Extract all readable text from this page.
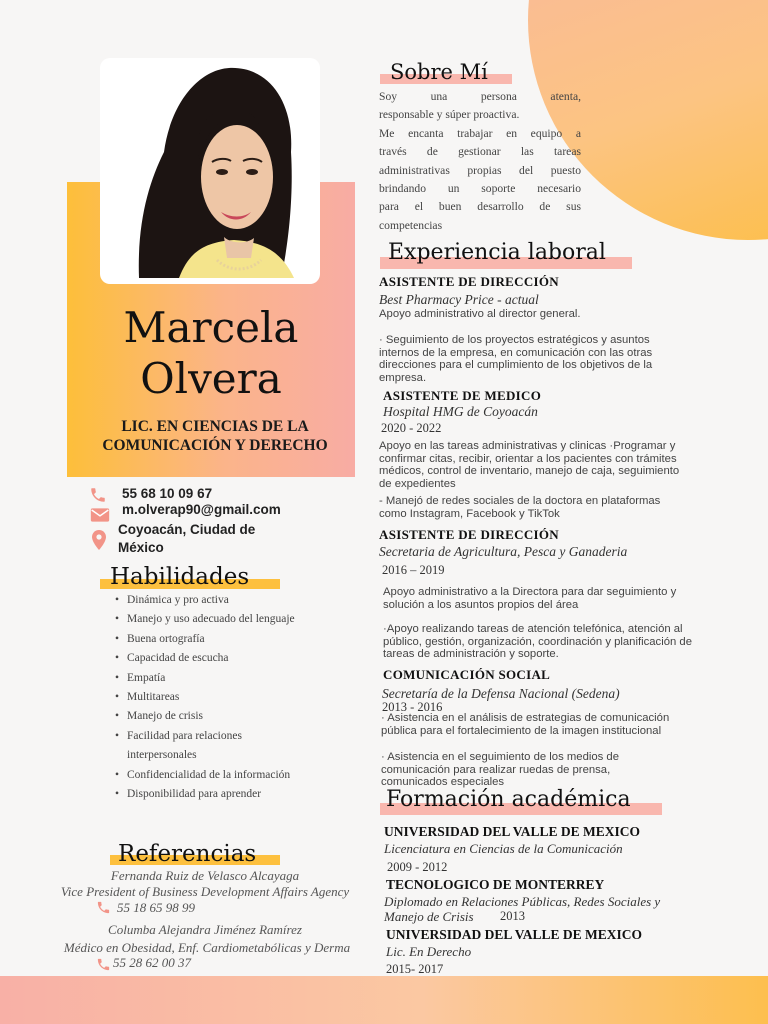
Marcela
Olvera
LIC. EN CIENCIAS DE LA COMUNICACIÓN Y DERECHO
55 68 10 09 67
m.olverap90@gmail.com
Coyoacán, Ciudad de
México
Habilidades
• Dinámica y pro activa
• Manejo y uso adecuado del lenguaje
• Buena ortografía
• Capacidad de escucha
• Empatía
• Multitareas
• Manejo de crisis
• Facilidad para relaciones interpersonales
• Confidencialidad de la información
• Disponibilidad para aprender
Referencias
Fernanda Ruiz de Velasco Alcayaga
Vice President of Business Development Affairs Agency
55 18 65 98 99
Columba Alejandra Jiménez Ramírez
Médico en Obesidad, Enf. Cardiometabólicas y Derma
55 28 62 00 37
Sobre Mí
Soy una persona atenta,
responsable y súper proactiva.
Me encanta trabajar en equipo a
través de gestionar las tareas
administrativas propias del puesto
brindando un soporte necesario
para el buen desarrollo de sus
competencias
Experiencia laboral
ASISTENTE DE DIRECCIÓN
Best Pharmacy Price - actual
Apoyo administrativo al director general.
· Seguimiento de los proyectos estratégicos y asuntos internos de la empresa, en comunicación con las otras direcciones para el cumplimiento de los objetivos de la empresa.
ASISTENTE DE MEDICO
Hospital HMG de Coyoacán
2020 - 2022
Apoyo en las tareas administrativas y clinicas ·Programar y confirmar citas, recibir, orientar a los pacientes con trámites médicos, control de inventario, manejo de caja, seguimiento de expedientes
- Manejó de redes sociales de la doctora en plataformas como Instagram, Facebook y TikTok
ASISTENTE DE DIRECCIÓN
Secretaria de Agricultura, Pesca y Ganaderia
2016 – 2019
Apoyo administrativo a la Directora para dar seguimiento y solución a los asuntos propios del área
·Apoyo realizando tareas de atención telefónica, atención al público, gestión, organización, coordinación y planificación de tareas de administración y soporte.
COMUNICACIÓN SOCIAL
Secretaría de la Defensa Nacional (Sedena)
2013 - 2016
· Asistencia en el análisis de estrategias de comunicación pública para el fortalecimiento de la imagen institucional
· Asistencia en el seguimiento de los medios de comunicación para realizar ruedas de prensa, comunicados especiales
Formación académica
UNIVERSIDAD DEL VALLE DE MEXICO
Licenciatura en Ciencias de la Comunicación
2009 - 2012
TECNOLOGICO DE MONTERREY
Diplomado en Relaciones Públicas, Redes Sociales y
Manejo de Crisis 2013
UNIVERSIDAD DEL VALLE DE MEXICO
Lic. En Derecho
2015- 2017
